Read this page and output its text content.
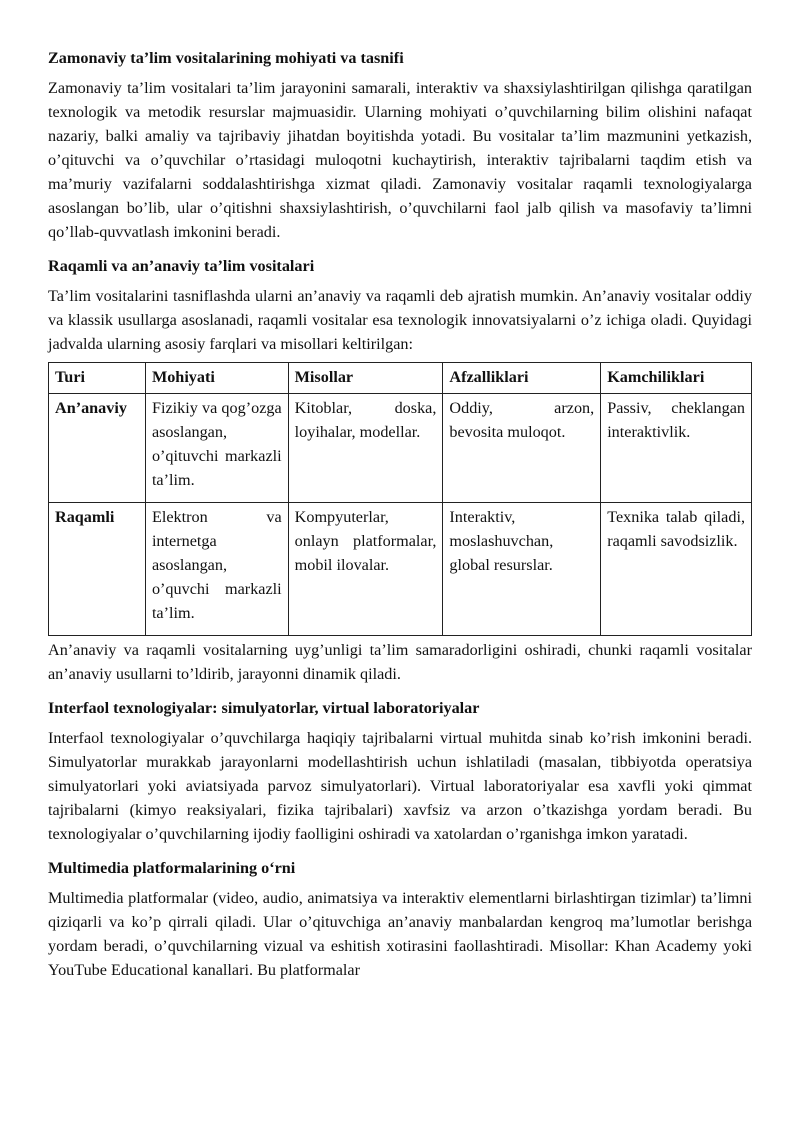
Zamonaviy ta’lim vositalarining mohiyati va tasnifi

Zamonaviy ta’lim vositalari ta’lim jarayonini samarali, interaktiv va shaxsiylashtirilgan qilishga qaratilgan texnologik va metodik resurslar majmuasidir. Ularning mohiyati o’quvchilarning bilim olishini nafaqat nazariy, balki amaliy va tajribaviy jihatdan boyitishda yotadi. Bu vositalar ta’lim mazmunini yetkazish, o’qituvchi va o’quvchilar o’rtasidagi muloqotni kuchaytirish, interaktiv tajribalarni taqdim etish va ma’muriy vazifalarni soddalashtirishga xizmat qiladi. Zamonaviy vositalar raqamli texnologiyalarga asoslangan bo’lib, ular o’qitishni shaxsiylashtirish, o’quvchilarni faol jalb qilish va masofaviy ta’limni qo’llab-quvvatlash imkonini beradi.

Raqamli va an’anaviy ta’lim vositalari

Ta’lim vositalarini tasniflashda ularni an’anaviy va raqamli deb ajratish mumkin. An’anaviy vositalar oddiy va klassik usullarga asoslanadi, raqamli vositalar esa texnologik innovatsiyalarni o’z ichiga oladi. Quyidagi jadvalda ularning asosiy farqlari va misollari keltirilgan:

Turi	Mohiyati	Misollar	Afzalliklari	Kamchiliklari
An’anaviy	Fizikiy va qog’ozga asoslangan, o’qituvchi markazli ta’lim.	Kitoblar, doska, loyihalar, modellar.	Oddiy, arzon, bevosita muloqot.	Passiv, cheklangan interaktivlik.
Raqamli	Elektron va internetga asoslangan, o’quvchi markazli ta’lim.	Kompyuterlar, onlayn platformalar, mobil ilovalar.	Interaktiv, moslashuvchan, global resurslar.	Texnika talab qiladi, raqamli savodsizlik.

An’anaviy va raqamli vositalarning uyg’unligi ta’lim samaradorligini oshiradi, chunki raqamli vositalar an’anaviy usullarni to’ldirib, jarayonni dinamik qiladi.

Interfaol texnologiyalar: simulyatorlar, virtual laboratoriyalar

Interfaol texnologiyalar o’quvchilarga haqiqiy tajribalarni virtual muhitda sinab ko’rish imkonini beradi. Simulyatorlar murakkab jarayonlarni modellashtirish uchun ishlatiladi (masalan, tibbiyotda operatsiya simulyatorlari yoki aviatsiyada parvoz simulyatorlari). Virtual laboratoriyalar esa xavfli yoki qimmat tajribalarni (kimyo reaksiyalari, fizika tajribalari) xavfsiz va arzon o’tkazishga yordam beradi. Bu texnologiyalar o’quvchilarning ijodiy faolligini oshiradi va xatolardan o’rganishga imkon yaratadi.

Multimedia platformalarining o‘rni

Multimedia platformalar (video, audio, animatsiya va interaktiv elementlarni birlashtirgan tizimlar) ta’limni qiziqarli va ko’p qirrali qiladi. Ular o’qituvchiga an’anaviy manbalardan kengroq ma’lumotlar berishga yordam beradi, o’quvchilarning vizual va eshitish xotirasini faollashtiradi. Misollar: Khan Academy yoki YouTube Educational kanallari. Bu platformalar
